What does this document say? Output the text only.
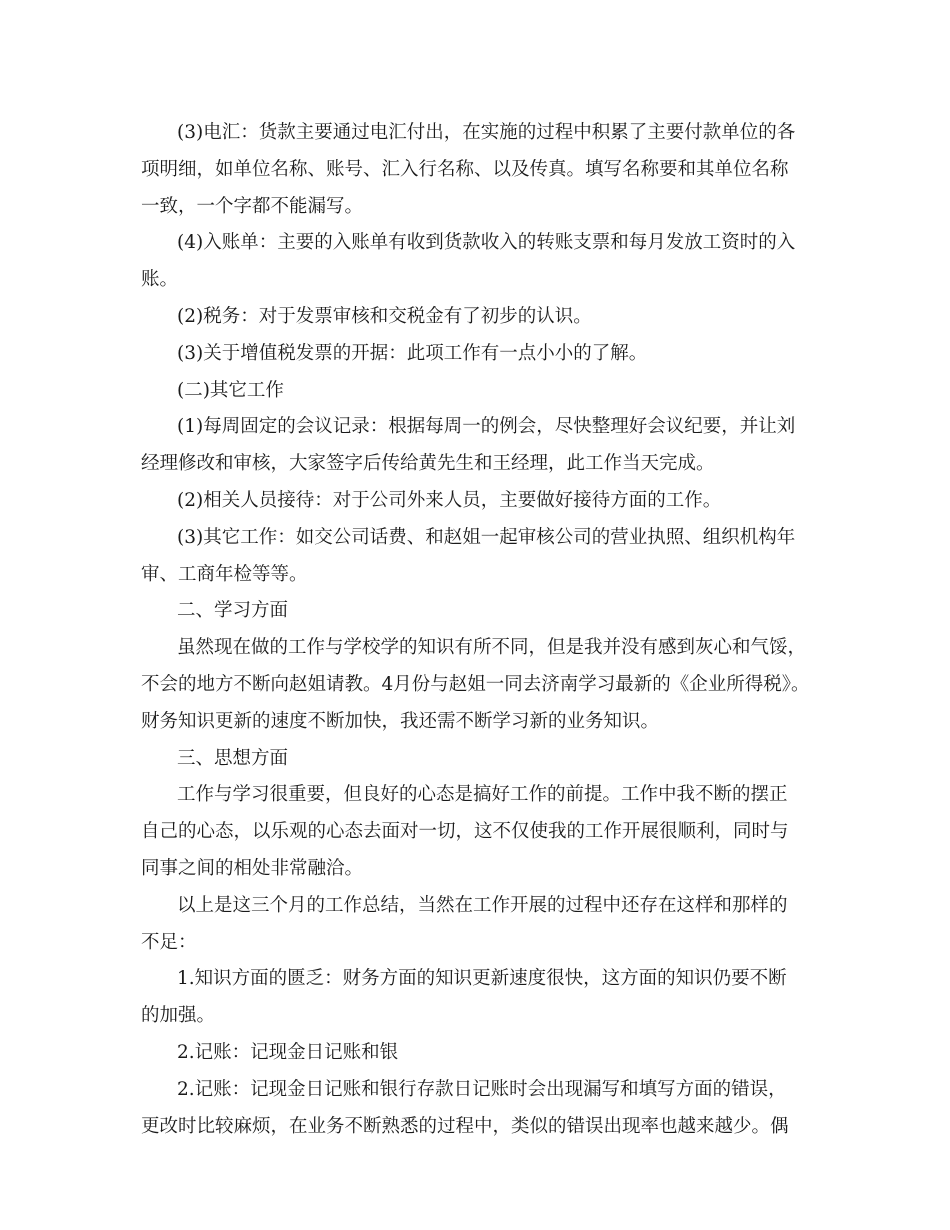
(3)电汇：货款主要通过电汇付出，在实施的过程中积累了主要付款单位的各
项明细，如单位名称、账号、汇入行名称、以及传真。填写名称要和其单位名称
一致，一个字都不能漏写。
(4)入账单：主要的入账单有收到货款收入的转账支票和每月发放工资时的入
账。
(2)税务：对于发票审核和交税金有了初步的认识。
(3)关于增值税发票的开据：此项工作有一点小小的了解。
(二)其它工作
(1)每周固定的会议记录：根据每周一的例会，尽快整理好会议纪要，并让刘
经理修改和审核，大家签字后传给黄先生和王经理，此工作当天完成。
(2)相关人员接待：对于公司外来人员，主要做好接待方面的工作。
(3)其它工作：如交公司话费、和赵姐一起审核公司的营业执照、组织机构年
审、工商年检等等。
二、学习方面
虽然现在做的工作与学校学的知识有所不同，但是我并没有感到灰心和气馁，
不会的地方不断向赵姐请教。4月份与赵姐一同去济南学习最新的《企业所得税》。
财务知识更新的速度不断加快，我还需不断学习新的业务知识。
三、思想方面
工作与学习很重要，但良好的心态是搞好工作的前提。工作中我不断的摆正
自己的心态，以乐观的心态去面对一切，这不仅使我的工作开展很顺利，同时与
同事之间的相处非常融洽。
以上是这三个月的工作总结，当然在工作开展的过程中还存在这样和那样的
不足：
1.知识方面的匮乏：财务方面的知识更新速度很快，这方面的知识仍要不断
的加强。
2.记账：记现金日记账和银
2.记账：记现金日记账和银行存款日记账时会出现漏写和填写方面的错误，
更改时比较麻烦，在业务不断熟悉的过程中，类似的错误出现率也越来越少。偶
